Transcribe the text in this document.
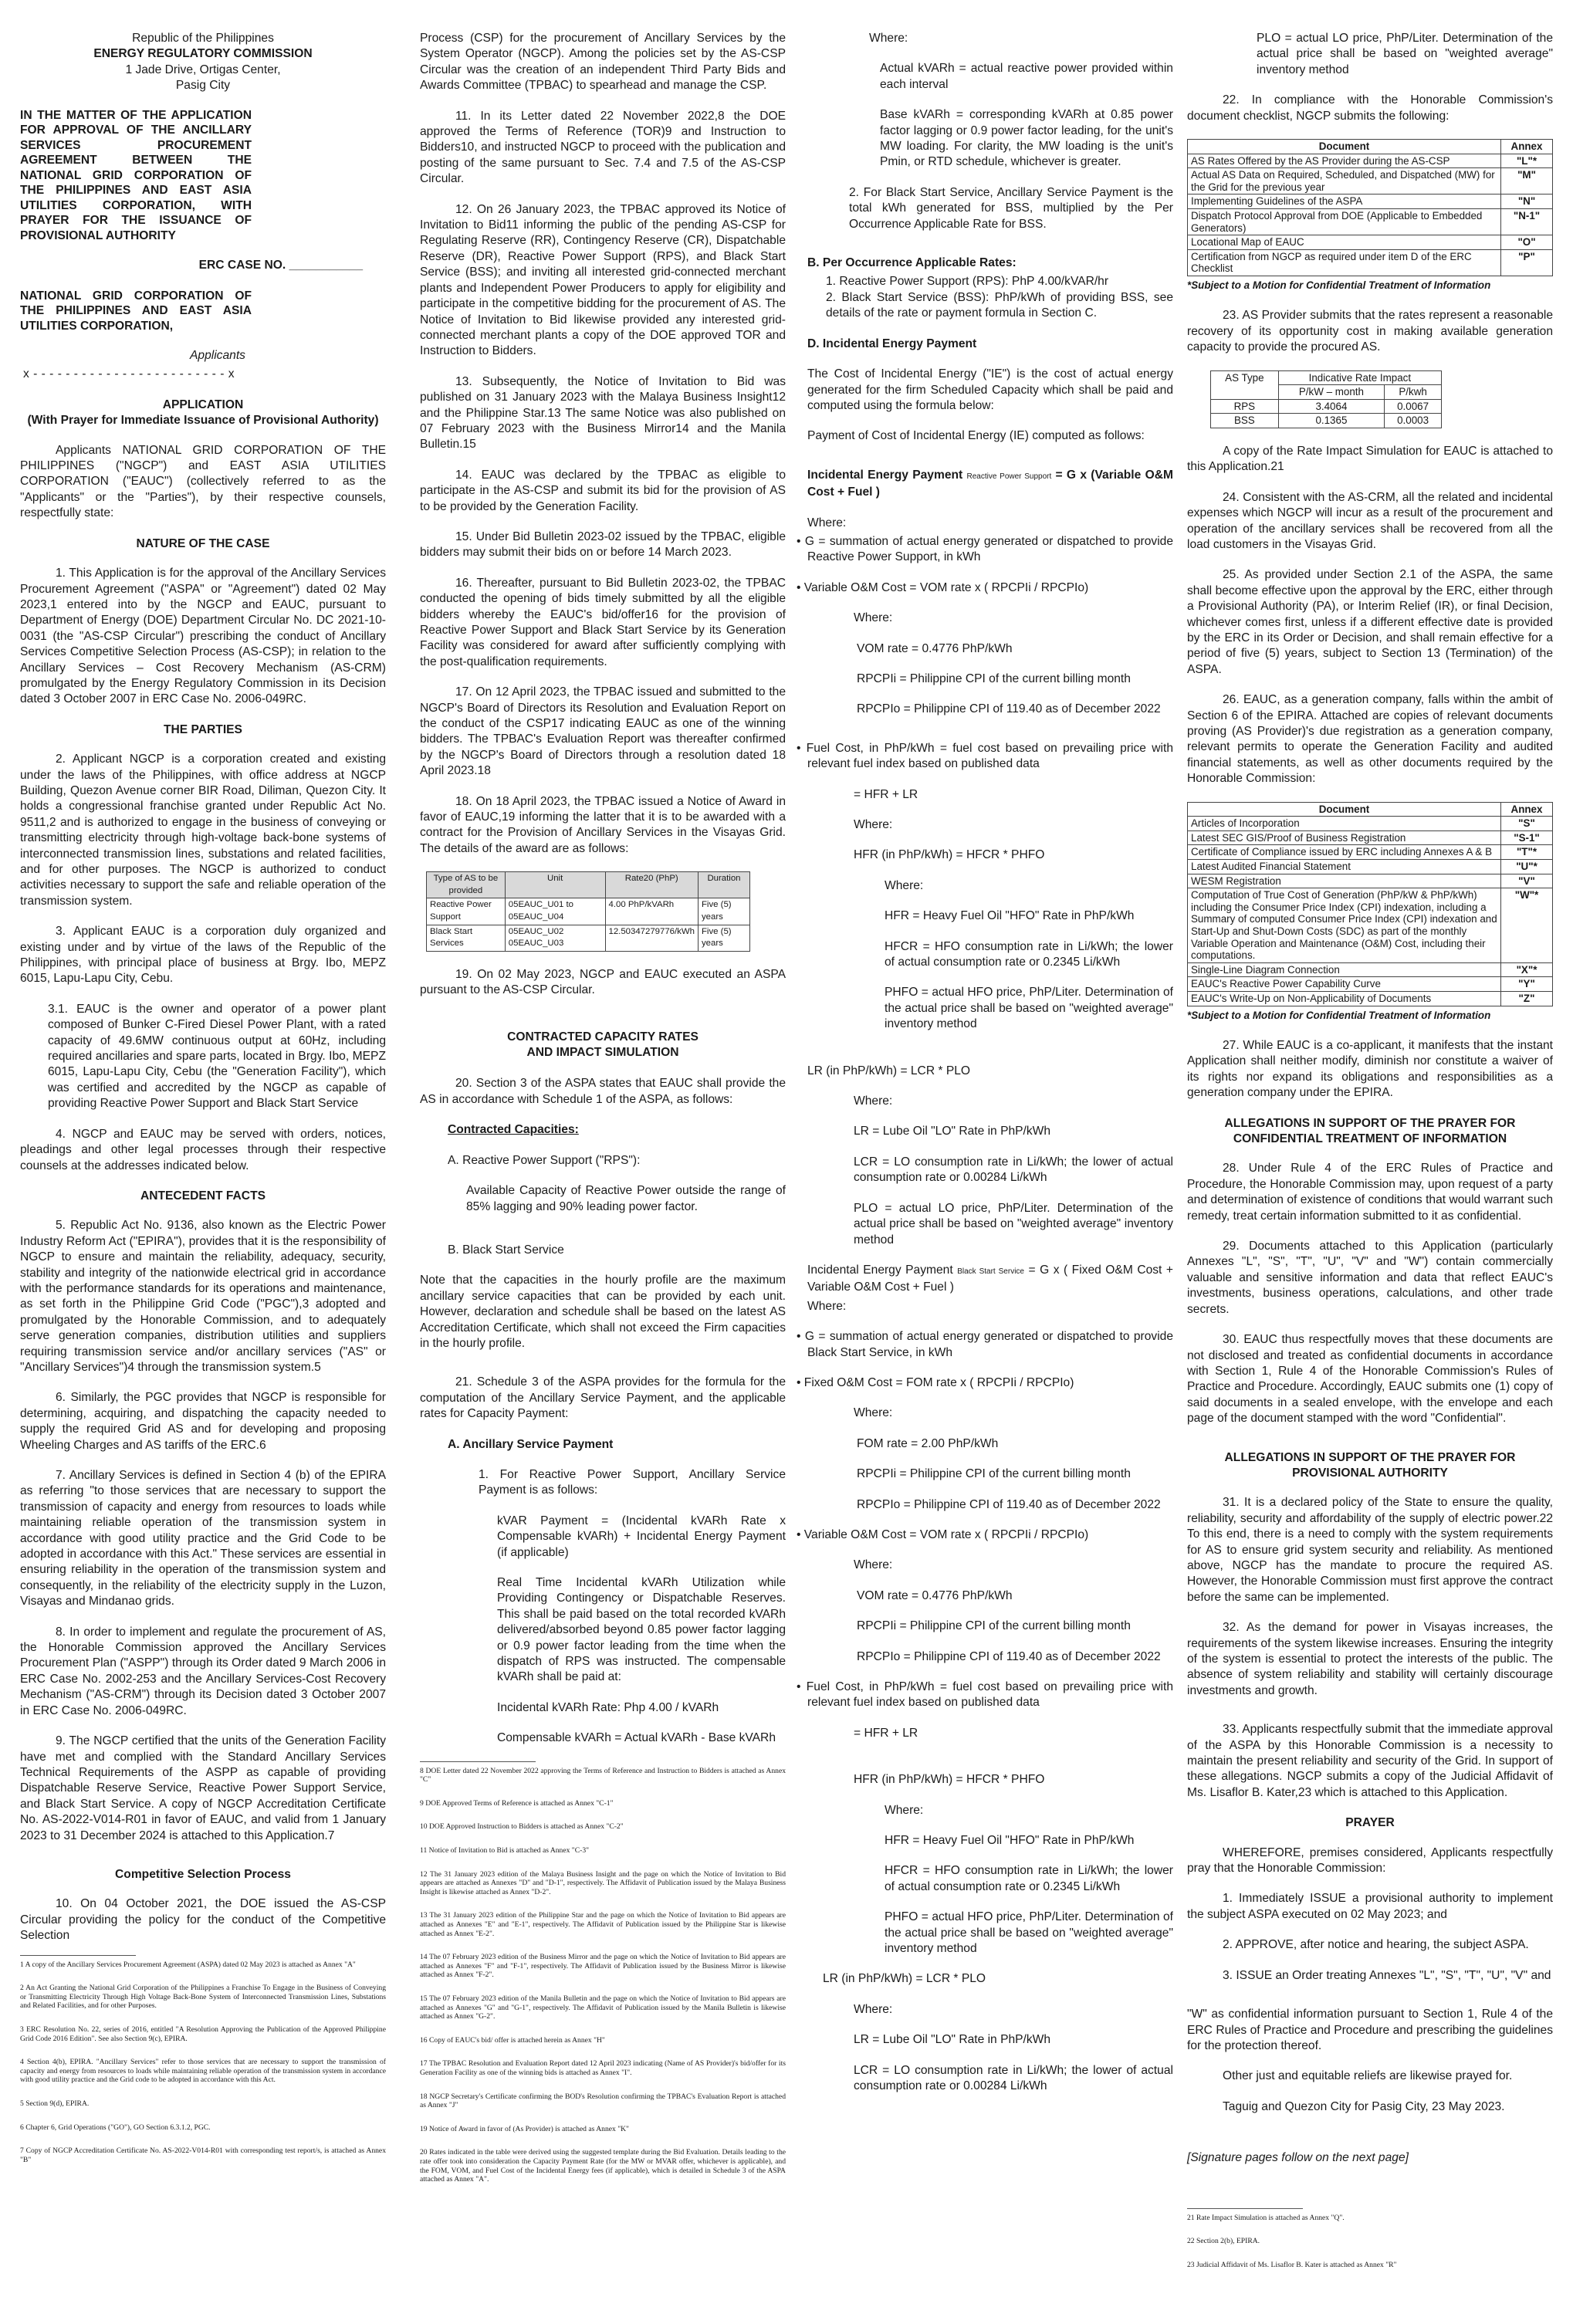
Republic of the Philippines
ENERGY REGULATORY COMMISSION
1 Jade Drive, Ortigas Center,
Pasig City

IN THE MATTER OF THE APPLICATION FOR APPROVAL OF THE ANCILLARY SERVICES PROCUREMENT AGREEMENT BETWEEN THE NATIONAL GRID CORPORATION OF THE PHILIPPINES AND EAST ASIA UTILITIES CORPORATION, WITH PRAYER FOR THE ISSUANCE OF PROVISIONAL AUTHORITY

ERC CASE NO. ___________

NATIONAL GRID CORPORATION OF THE PHILIPPINES AND EAST ASIA UTILITIES CORPORATION,

Applicants

x - - - - - - - - - - - - - - - - - - - - - - - - x

APPLICATION
(With Prayer for Immediate Issuance of Provisional Authority)

Applicants NATIONAL GRID CORPORATION OF THE PHILIPPINES ("NGCP") and EAST ASIA UTILITIES CORPORATION ("EAUC") (collectively referred to as the "Applicants" or the "Parties"), by their respective counsels, respectfully state:

NATURE OF THE CASE

1. This Application is for the approval of the Ancillary Services Procurement Agreement ("ASPA" or "Agreement") dated 02 May 2023,1 entered into by the NGCP and EAUC, pursuant to Department of Energy (DOE) Department Circular No. DC 2021-10-0031 (the "AS-CSP Circular") prescribing the conduct of Ancillary Services Competitive Selection Process (AS-CSP); in relation to the Ancillary Services – Cost Recovery Mechanism (AS-CRM) promulgated by the Energy Regulatory Commission in its Decision dated 3 October 2007 in ERC Case No. 2006-049RC.

THE PARTIES

2. Applicant NGCP is a corporation created and existing under the laws of the Philippines, with office address at NGCP Building, Quezon Avenue corner BIR Road, Diliman, Quezon City. It holds a congressional franchise granted under Republic Act No. 9511,2 and is authorized to engage in the business of conveying or transmitting electricity through high-voltage back-bone systems of interconnected transmission lines, substations and related facilities, and for other purposes. The NGCP is authorized to conduct activities necessary to support the safe and reliable operation of the transmission system.

3. Applicant EAUC is a corporation duly organized and existing under and by virtue of the laws of the Republic of the Philippines, with principal place of business at Brgy. Ibo, MEPZ 6015, Lapu-Lapu City, Cebu.

3.1. EAUC is the owner and operator of a power plant composed of Bunker C-Fired Diesel Power Plant, with a rated capacity of 49.6MW continuous output at 60Hz, including required ancillaries and spare parts, located in Brgy. Ibo, MEPZ 6015, Lapu-Lapu City, Cebu (the "Generation Facility"), which was certified and accredited by the NGCP as capable of providing Reactive Power Support and Black Start Service

4. NGCP and EAUC may be served with orders, notices, pleadings and other legal processes through their respective counsels at the addresses indicated below.

ANTECEDENT FACTS

5. Republic Act No. 9136, also known as the Electric Power Industry Reform Act ("EPIRA"), provides that it is the responsibility of NGCP to ensure and maintain the reliability, adequacy, security, stability and integrity of the nationwide electrical grid in accordance with the performance standards for its operations and maintenance, as set forth in the Philippine Grid Code ("PGC"),3 adopted and promulgated by the Honorable Commission, and to adequately serve generation companies, distribution utilities and suppliers requiring transmission service and/or ancillary services ("AS" or "Ancillary Services")4 through the transmission system.5

6. Similarly, the PGC provides that NGCP is responsible for determining, acquiring, and dispatching the capacity needed to supply the required Grid AS and for developing and proposing Wheeling Charges and AS tariffs of the ERC.6

7. Ancillary Services is defined in Section 4 (b) of the EPIRA as referring "to those services that are necessary to support the transmission of capacity and energy from resources to loads while maintaining reliable operation of the transmission system in accordance with good utility practice and the Grid Code to be adopted in accordance with this Act." These services are essential in ensuring reliability in the operation of the transmission system and consequently, in the reliability of the electricity supply in the Luzon, Visayas and Mindanao grids.

8. In order to implement and regulate the procurement of AS, the Honorable Commission approved the Ancillary Services Procurement Plan ("ASPP") through its Order dated 9 March 2006 in ERC Case No. 2002-253 and the Ancillary Services-Cost Recovery Mechanism ("AS-CRM") through its Decision dated 3 October 2007 in ERC Case No. 2006-049RC.

9. The NGCP certified that the units of the Generation Facility have met and complied with the Standard Ancillary Services Technical Requirements of the ASPP as capable of providing Dispatchable Reserve Service, Reactive Power Support Service, and Black Start Service. A copy of NGCP Accreditation Certificate No. AS-2022-V014-R01 in favor of EAUC, and valid from 1 January 2023 to 31 December 2024 is attached to this Application.7

Competitive Selection Process

10. On 04 October 2021, the DOE issued the AS-CSP Circular providing the policy for the conduct of the Competitive Selection

1 A copy of the Ancillary Services Procurement Agreement (ASPA) dated 02 May 2023 is attached as Annex "A"

2 An Act Granting the National Grid Corporation of the Philippines a Franchise To Engage in the Business of Conveying or Transmitting Electricity Through High Voltage Back-Bone System of Interconnected Transmission Lines, Substations and Related Facilities, and for other Purposes.

3 ERC Resolution No. 22, series of 2016, entitled "A Resolution Approving the Publication of the Approved Philippine Grid Code 2016 Edition". See also Section 9(c), EPIRA.

4 Section 4(b), EPIRA. "Ancillary Services" refer to those services that are necessary to support the transmission of capacity and energy from resources to loads while maintaining reliable operation of the transmission system in accordance with good utility practice and the Grid code to be adopted in accordance with this Act.

5 Section 9(d), EPIRA.

6 Chapter 6, Grid Operations ("GO"), GO Section 6.3.1.2, PGC.

7 Copy of NGCP Accreditation Certificate No. AS-2022-V014-R01 with corresponding test report/s, is attached as Annex "B"

Process (CSP) for the procurement of Ancillary Services by the System Operator (NGCP). Among the policies set by the AS-CSP Circular was the creation of an independent Third Party Bids and Awards Committee (TPBAC) to spearhead and manage the CSP.

11. In its Letter dated 22 November 2022,8 the DOE approved the Terms of Reference (TOR)9 and Instruction to Bidders10, and instructed NGCP to proceed with the publication and posting of the same pursuant to Sec. 7.4 and 7.5 of the AS-CSP Circular.

12. On 26 January 2023, the TPBAC approved its Notice of Invitation to Bid11 informing the public of the pending AS-CSP for Regulating Reserve (RR), Contingency Reserve (CR), Dispatchable Reserve (DR), Reactive Power Support (RPS), and Black Start Service (BSS); and inviting all interested grid-connected merchant plants and Independent Power Producers to apply for eligibility and participate in the competitive bidding for the procurement of AS. The Notice of Invitation to Bid likewise provided any interested grid-connected merchant plants a copy of the DOE approved TOR and Instruction to Bidders.

13. Subsequently, the Notice of Invitation to Bid was published on 31 January 2023 with the Malaya Business Insight12 and the Philippine Star.13 The same Notice was also published on 07 February 2023 with the Business Mirror14 and the Manila Bulletin.15

14. EAUC was declared by the TPBAC as eligible to participate in the AS-CSP and submit its bid for the provision of AS to be provided by the Generation Facility.

15. Under Bid Bulletin 2023-02 issued by the TPBAC, eligible bidders may submit their bids on or before 14 March 2023.

16. Thereafter, pursuant to Bid Bulletin 2023-02, the TPBAC conducted the opening of bids timely submitted by all the eligible bidders whereby the EAUC's bid/offer16 for the provision of Reactive Power Support and Black Start Service by its Generation Facility was considered for award after sufficiently complying with the post-qualification requirements.

17. On 12 April 2023, the TPBAC issued and submitted to the NGCP's Board of Directors its Resolution and Evaluation Report on the conduct of the CSP17 indicating EAUC as one of the winning bidders. The TPBAC's Evaluation Report was thereafter confirmed by the NGCP's Board of Directors through a resolution dated 18 April 2023.18

18. On 18 April 2023, the TPBAC issued a Notice of Award in favor of EAUC,19 informing the latter that it is to be awarded with a contract for the Provision of Ancillary Services in the Visayas Grid. The details of the award are as follows:

Type of AS to be provided	Unit	Rate20 (PhP)	Duration
Reactive Power Support	05EAUC_U01 to 05EAUC_U04	4.00 PhP/kVARh	Five (5) years
Black Start Services	05EAUC_U02 05EAUC_U03	12.50347279776/kWh	Five (5) years

19. On 02 May 2023, NGCP and EAUC executed an ASPA pursuant to the AS-CSP Circular.

CONTRACTED CAPACITY RATES
AND IMPACT SIMULATION

20. Section 3 of the ASPA states that EAUC shall provide the AS in accordance with Schedule 1 of the ASPA, as follows:

Contracted Capacities:

A. Reactive Power Support ("RPS"):

Available Capacity of Reactive Power outside the range of 85% lagging and 90% leading power factor.

B. Black Start Service

Note that the capacities in the hourly profile are the maximum ancillary service capacities that can be provided by each unit. However, declaration and schedule shall be based on the latest AS Accreditation Certificate, which shall not exceed the Firm capacities in the hourly profile.

21. Schedule 3 of the ASPA provides for the formula for the computation of the Ancillary Service Payment, and the applicable rates for Capacity Payment:

A. Ancillary Service Payment

1. For Reactive Power Support, Ancillary Service Payment is as follows:

kVAR Payment = (Incidental kVARh Rate x Compensable kVARh) + Incidental Energy Payment (if applicable)

Real Time Incidental kVARh Utilization while Providing Contingency or Dispatchable Reserves. This shall be paid based on the total recorded kVARh delivered/absorbed beyond 0.85 power factor lagging or 0.9 power factor leading from the time when the dispatch of RPS was instructed. The compensable kVARh shall be paid at:

Incidental kVARh Rate: Php 4.00 / kVARh

Compensable kVARh = Actual kVARh - Base kVARh

8 DOE Letter dated 22 November 2022 approving the Terms of Reference and Instruction to Bidders is attached as Annex "C"

9 DOE Approved Terms of Reference is attached as Annex "C-1"

10 DOE Approved Instruction to Bidders is attached as Annex "C-2"

11 Notice of Invitation to Bid is attached as Annex "C-3"

12 The 31 January 2023 edition of the Malaya Business Insight and the page on which the Notice of Invitation to Bid appears are attached as Annexes "D" and "D-1", respectively. The Affidavit of Publication issued by the Malaya Business Insight is likewise attached as Annex "D-2".

13 The 31 January 2023 edition of the Philippine Star and the page on which the Notice of Invitation to Bid appears are attached as Annexes "E" and "E-1", respectively. The Affidavit of Publication issued by the Philippine Star is likewise attached as Annex "E-2".

14 The 07 February 2023 edition of the Business Mirror and the page on which the Notice of Invitation to Bid appears are attached as Annexes "F" and "F-1", respectively. The Affidavit of Publication issued by the Business Mirror is likewise attached as Annex "F-2".

15 The 07 February 2023 edition of the Manila Bulletin and the page on which the Notice of Invitation to Bid appears are attached as Annexes "G" and "G-1", respectively. The Affidavit of Publication issued by the Manila Bulletin is likewise attached as Annex "G-2".

16 Copy of EAUC's bid/ offer is attached herein as Annex "H"

17 The TPBAC Resolution and Evaluation Report dated 12 April 2023 indicating (Name of AS Provider)'s bid/offer for its Generation Facility as one of the winning bids is attached as Annex "I".

18 NGCP Secretary's Certificate confirming the BOD's Resolution confirming the TPBAC's Evaluation Report is attached as Annex "J"

19 Notice of Award in favor of (As Provider) is attached as Annex "K"

20 Rates indicated in the table were derived using the suggested template during the Bid Evaluation. Details leading to the rate offer took into consideration the Capacity Payment Rate (for the MW or MVAR offer, whichever is applicable), and the FOM, VOM, and Fuel Cost of the Incidental Energy fees (if applicable), which is detailed in Schedule 3 of the ASPA attached as Annex "A".

Where:

Actual kVARh = actual reactive power provided within each interval

Base kVARh = corresponding kVARh at 0.85 power factor lagging or 0.9 power factor leading, for the unit's MW loading. For clarity, the MW loading is the unit's Pmin, or RTD schedule, whichever is greater.

2. For Black Start Service, Ancillary Service Payment is the total kWh generated for BSS, multiplied by the Per Occurrence Applicable Rate for BSS.

B. Per Occurrence Applicable Rates:

1. Reactive Power Support (RPS): PhP 4.00/kVAR/hr

2. Black Start Service (BSS): PhP/kWh of providing BSS, see details of the rate or payment formula in Section C.

D. Incidental Energy Payment

The Cost of Incidental Energy ("IE") is the cost of actual energy generated for the firm Scheduled Capacity which shall be paid and computed using the formula below:

Payment of Cost of Incidental Energy (IE) computed as follows:

Incidental Energy Payment Reactive Power Support = G x (Variable O&M Cost + Fuel )

Where:

• G = summation of actual energy generated or dispatched to provide Reactive Power Support, in kWh

• Variable O&M Cost = VOM rate x ( RPCPIi / RPCPIo)

Where:

VOM rate = 0.4776 PhP/kWh

RPCPIi = Philippine CPI of the current billing month

RPCPIo = Philippine CPI of 119.40 as of December 2022

• Fuel Cost, in PhP/kWh = fuel cost based on prevailing price with relevant fuel index based on published data

= HFR + LR

Where:

HFR (in PhP/kWh) = HFCR * PHFO

Where:

HFR = Heavy Fuel Oil "HFO" Rate in PhP/kWh

HFCR = HFO consumption rate in Li/kWh; the lower of actual consumption rate or 0.2345 Li/kWh

PHFO = actual HFO price, PhP/Liter. Determination of the actual price shall be based on "weighted average" inventory method

LR (in PhP/kWh) = LCR * PLO

Where:

LR = Lube Oil "LO" Rate in PhP/kWh

LCR = LO consumption rate in Li/kWh; the lower of actual consumption rate or 0.00284 Li/kWh

PLO = actual LO price, PhP/Liter. Determination of the actual price shall be based on "weighted average" inventory method

Incidental Energy Payment Black Start Service = G x ( Fixed O&M Cost + Variable O&M Cost + Fuel )

Where:

• G = summation of actual energy generated or dispatched to provide Black Start Service, in kWh

• Fixed O&M Cost = FOM rate x ( RPCPIi / RPCPIo)

Where:

FOM rate = 2.00 PhP/kWh

RPCPIi = Philippine CPI of the current billing month

RPCPIo = Philippine CPI of 119.40 as of December 2022

• Variable O&M Cost = VOM rate x ( RPCPIi / RPCPIo)

Where:

VOM rate = 0.4776 PhP/kWh

RPCPIi = Philippine CPI of the current billing month

RPCPIo = Philippine CPI of 119.40 as of December 2022

• Fuel Cost, in PhP/kWh = fuel cost based on prevailing price with relevant fuel index based on published data

= HFR + LR

HFR (in PhP/kWh) = HFCR * PHFO

Where:

HFR = Heavy Fuel Oil "HFO" Rate in PhP/kWh

HFCR = HFO consumption rate in Li/kWh; the lower of actual consumption rate or 0.2345 Li/kWh

PHFO = actual HFO price, PhP/Liter. Determination of the actual price shall be based on "weighted average" inventory method

LR (in PhP/kWh) = LCR * PLO

Where:

LR = Lube Oil "LO" Rate in PhP/kWh

LCR = LO consumption rate in Li/kWh; the lower of actual consumption rate or 0.00284 Li/kWh

PLO = actual LO price, PhP/Liter. Determination of the actual price shall be based on "weighted average" inventory method

22. In compliance with the Honorable Commission's document checklist, NGCP submits the following:

Document	Annex
AS Rates Offered by the AS Provider during the AS-CSP	"L"*
Actual AS Data on Required, Scheduled, and Dispatched (MW) for the Grid for the previous year	"M"
Implementing Guidelines of the ASPA	"N"
Dispatch Protocol Approval from DOE (Applicable to Embedded Generators)	"N-1"
Locational Map of EAUC	"O"
Certification from NGCP as required under item D of the ERC Checklist	"P"

*Subject to a Motion for Confidential Treatment of Information

23. AS Provider submits that the rates represent a reasonable recovery of its opportunity cost in making available generation capacity to provide the procured AS.

AS Type	Indicative Rate Impact	
	P/kW – month	P/kwh
RPS	3.4064	0.0067
BSS	0.1365	0.0003

A copy of the Rate Impact Simulation for EAUC is attached to this Application.21

24. Consistent with the AS-CRM, all the related and incidental expenses which NGCP will incur as a result of the procurement and operation of the ancillary services shall be recovered from all the load customers in the Visayas Grid.

25. As provided under Section 2.1 of the ASPA, the same shall become effective upon the approval by the ERC, either through a Provisional Authority (PA), or Interim Relief (IR), or final Decision, whichever comes first, unless if a different effective date is provided by the ERC in its Order or Decision, and shall remain effective for a period of five (5) years, subject to Section 13 (Termination) of the ASPA.

26. EAUC, as a generation company, falls within the ambit of Section 6 of the EPIRA. Attached are copies of relevant documents proving (AS Provider)'s due registration as a generation company, relevant permits to operate the Generation Facility and audited financial statements, as well as other documents required by the Honorable Commission:

Document	Annex
Articles of Incorporation	"S"
Latest SEC GIS/Proof of Business Registration	"S-1"
Certificate of Compliance issued by ERC including Annexes A & B	"T"*
Latest Audited Financial Statement	"U"*
WESM Registration	"V"
Computation of True Cost of Generation (PhP/kW & PhP/kWh) including the Consumer Price Index (CPI) indexation, including a Summary of computed Consumer Price Index (CPI) indexation and Start-Up and Shut-Down Costs (SDC) as part of the monthly Variable Operation and Maintenance (O&M) Cost, including their computations.	"W"*
Single-Line Diagram Connection	"X"*
EAUC's Reactive Power Capability Curve	"Y"
EAUC's Write-Up on Non-Applicability of Documents	"Z"

*Subject to a Motion for Confidential Treatment of Information

27. While EAUC is a co-applicant, it manifests that the instant Application shall neither modify, diminish nor constitute a waiver of its rights nor expand its obligations and responsibilities as a generation company under the EPIRA.

ALLEGATIONS IN SUPPORT OF THE PRAYER FOR
CONFIDENTIAL TREATMENT OF INFORMATION

28. Under Rule 4 of the ERC Rules of Practice and Procedure, the Honorable Commission may, upon request of a party and determination of existence of conditions that would warrant such remedy, treat certain information submitted to it as confidential.

29. Documents attached to this Application (particularly Annexes "L", "S", "T", "U", "V" and "W") contain commercially valuable and sensitive information and data that reflect EAUC's investments, business operations, calculations, and other trade secrets.

30. EAUC thus respectfully moves that these documents are not disclosed and treated as confidential documents in accordance with Section 1, Rule 4 of the Honorable Commission's Rules of Practice and Procedure. Accordingly, EAUC submits one (1) copy of said documents in a sealed envelope, with the envelope and each page of the document stamped with the word "Confidential".

ALLEGATIONS IN SUPPORT OF THE PRAYER FOR
PROVISIONAL AUTHORITY

31. It is a declared policy of the State to ensure the quality, reliability, security and affordability of the supply of electric power.22 To this end, there is a need to comply with the system requirements for AS to ensure grid system security and reliability. As mentioned above, NGCP has the mandate to procure the required AS. However, the Honorable Commission must first approve the contract before the same can be implemented.

32. As the demand for power in Visayas increases, the requirements of the system likewise increases. Ensuring the integrity of the system is essential to protect the interests of the public. The absence of system reliability and stability will certainly discourage investments and growth.

33. Applicants respectfully submit that the immediate approval of the ASPA by this Honorable Commission is a necessity to maintain the present reliability and security of the Grid. In support of these allegations. NGCP submits a copy of the Judicial Affidavit of Ms. Lisaflor B. Kater,23 which is attached to this Application.

PRAYER

WHEREFORE, premises considered, Applicants respectfully pray that the Honorable Commission:

1. Immediately ISSUE a provisional authority to implement the subject ASPA executed on 02 May 2023; and

2. APPROVE, after notice and hearing, the subject ASPA.

3. ISSUE an Order treating Annexes "L", "S", "T", "U", "V" and

"W" as confidential information pursuant to Section 1, Rule 4 of the ERC Rules of Practice and Procedure and prescribing the guidelines for the protection thereof.

Other just and equitable reliefs are likewise prayed for.

Taguig and Quezon City for Pasig City, 23 May 2023.

[Signature pages follow on the next page]

21 Rate Impact Simulation is attached as Annex "Q".

22 Section 2(b), EPIRA.

23 Judicial Affidavit of Ms. Lisaflor B. Kater is attached as Annex "R"
